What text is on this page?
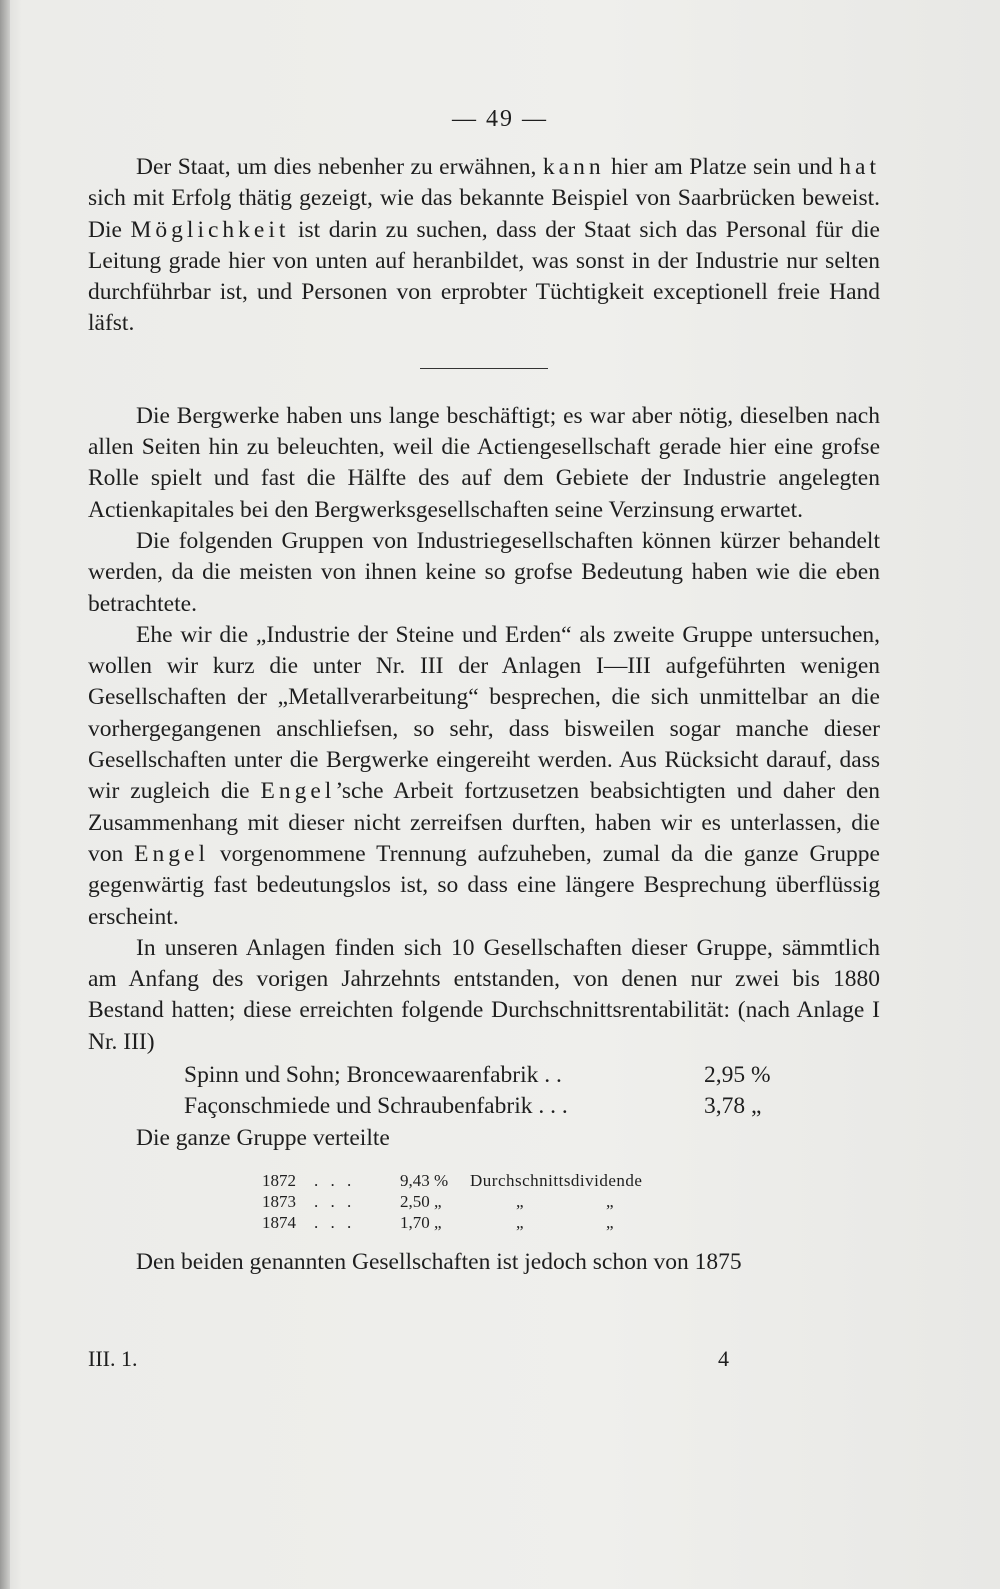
— 49 —

Der Staat, um dies nebenher zu erwähnen, kann hier am Platze sein und hat sich mit Erfolg thätig gezeigt, wie das bekannte Beispiel von Saarbrücken beweist. Die Möglichkeit ist darin zu suchen, dass der Staat sich das Personal für die Leitung grade hier von unten auf heranbildet, was sonst in der Industrie nur selten durchführbar ist, und Personen von erprobter Tüchtigkeit exceptionell freie Hand läfst.

Die Bergwerke haben uns lange beschäftigt; es war aber nötig, dieselben nach allen Seiten hin zu beleuchten, weil die Actiengesellschaft gerade hier eine grofse Rolle spielt und fast die Hälfte des auf dem Gebiete der Industrie angelegten Actienkapitales bei den Bergwerksgesellschaften seine Verzinsung erwartet.

Die folgenden Gruppen von Industriegesellschaften können kürzer behandelt werden, da die meisten von ihnen keine so grofse Bedeutung haben wie die eben betrachtete.

Ehe wir die „Industrie der Steine und Erden“ als zweite Gruppe untersuchen, wollen wir kurz die unter Nr. III der Anlagen I—III aufgeführten wenigen Gesellschaften der „Metallverarbeitung“ besprechen, die sich unmittelbar an die vorhergegangenen anschliefsen, so sehr, dass bisweilen sogar manche dieser Gesellschaften unter die Bergwerke eingereiht werden. Aus Rücksicht darauf, dass wir zugleich die Engel’sche Arbeit fortzusetzen beabsichtigten und daher den Zusammenhang mit dieser nicht zerreifsen durften, haben wir es unterlassen, die von Engel vorgenommene Trennung aufzuheben, zumal da die ganze Gruppe gegenwärtig fast bedeutungslos ist, so dass eine längere Besprechung überflüssig erscheint.

In unseren Anlagen finden sich 10 Gesellschaften dieser Gruppe, sämmtlich am Anfang des vorigen Jahrzehnts entstanden, von denen nur zwei bis 1880 Bestand hatten; diese erreichten folgende Durchschnittsrentabilität: (nach Anlage I Nr. III)

Spinn und Sohn; Broncewaarenfabrik . .	2,95 %
Façonschmiede und Schraubenfabrik . . .	3,78 „

Die ganze Gruppe verteilte

1872	. . .	9,43 %	Durchschnittsdividende
1873	. . .	2,50 „	„	„
1874	. . .	1,70 „	„	„

Den beiden genannten Gesellschaften ist jedoch schon von 1875

III. 1.	4
